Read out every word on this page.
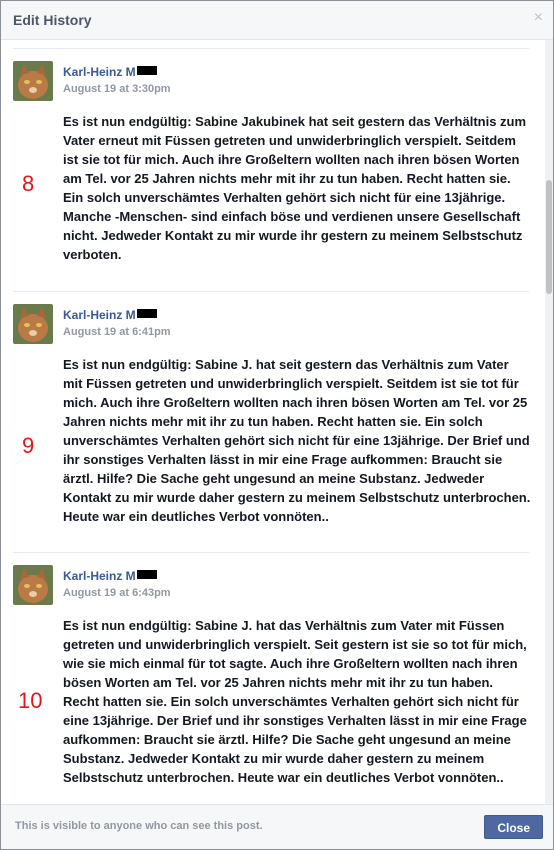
Edit History	×
Karl-Heinz M
August 19 at 3:30pm
Es ist nun endgültig: Sabine Jakubinek hat seit gestern das Verhältnis zum Vater erneut mit Füssen getreten und unwiderbringlich verspielt. Seitdem ist sie tot für mich. Auch ihre Großeltern wollten nach ihren bösen Worten am Tel. vor 25 Jahren nichts mehr mit ihr zu tun haben. Recht hatten sie. Ein solch unverschämtes Verhalten gehört sich nicht für eine 13jährige. Manche -Menschen- sind einfach böse und verdienen unsere Gesellschaft nicht. Jedweder Kontakt zu mir wurde ihr gestern zu meinem Selbstschutz verboten.
8
Karl-Heinz M
August 19 at 6:41pm
Es ist nun endgültig: Sabine J. hat seit gestern das Verhältnis zum Vater mit Füssen getreten und unwiderbringlich verspielt. Seitdem ist sie tot für mich. Auch ihre Großeltern wollten nach ihren bösen Worten am Tel. vor 25 Jahren nichts mehr mit ihr zu tun haben. Recht hatten sie. Ein solch unverschämtes Verhalten gehört sich nicht für eine 13jährige. Der Brief und ihr sonstiges Verhalten lässt in mir eine Frage aufkommen: Braucht sie ärztl. Hilfe? Die Sache geht ungesund an meine Substanz. Jedweder Kontakt zu mir wurde daher gestern zu meinem Selbstschutz unterbrochen. Heute war ein deutliches Verbot vonnöten..
9
Karl-Heinz M
August 19 at 6:43pm
Es ist nun endgültig: Sabine J. hat das Verhältnis zum Vater mit Füssen getreten und unwiderbringlich verspielt. Seit gestern ist sie so tot für mich, wie sie mich einmal für tot sagte. Auch ihre Großeltern wollten nach ihren bösen Worten am Tel. vor 25 Jahren nichts mehr mit ihr zu tun haben. Recht hatten sie. Ein solch unverschämtes Verhalten gehört sich nicht für eine 13jährige. Der Brief und ihr sonstiges Verhalten lässt in mir eine Frage aufkommen: Braucht sie ärztl. Hilfe? Die Sache geht ungesund an meine Substanz. Jedweder Kontakt zu mir wurde daher gestern zu meinem Selbstschutz unterbrochen. Heute war ein deutliches Verbot vonnöten..
10
This is visible to anyone who can see this post.	Close
